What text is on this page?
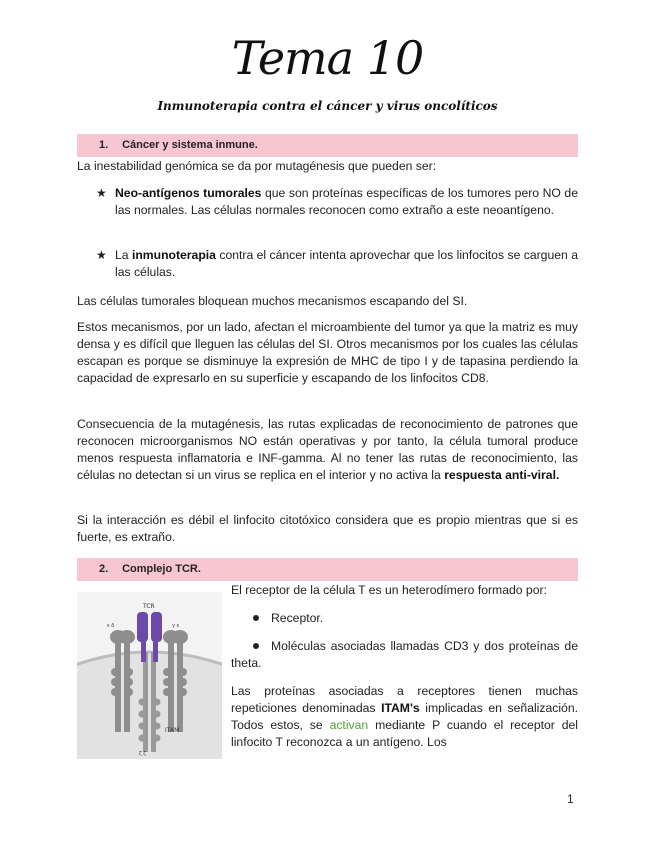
Tema 10
Inmunoterapia contra el cáncer y virus oncolíticos
1. Cáncer y sistema inmune.
La inestabilidad genómica se da por mutagénesis que pueden ser:
★ Neo-antígenos tumorales que son proteínas específicas de los tumores pero NO de las normales. Las células normales reconocen como extraño a este neoantígeno.
★ La inmunoterapia contra el cáncer intenta aprovechar que los linfocitos se carguen a las células.
Las células tumorales bloquean muchos mecanismos escapando del SI.
Estos mecanismos, por un lado, afectan el microambiente del tumor ya que la matriz es muy densa y es difícil que lleguen las células del SI. Otros mecanismos por los cuales las células escapan es porque se disminuye la expresión de MHC de tipo I y de tapasina perdiendo la capacidad de expresarlo en su superficie y escapando de los linfocitos CD8.
Consecuencia de la mutagénesis, las rutas explicadas de reconocimiento de patrones que reconocen microorganismos NO están operativas y por tanto, la célula tumoral produce menos respuesta inflamatoria e INF-gamma. Al no tener las rutas de reconocimiento, las células no detectan si un virus se replica en el interior y no activa la respuesta anti-viral.
Si la interacción es débil el linfocito citotóxico considera que es propio mientras que si es fuerte, es extraño.
2. Complejo TCR.
TCR
ε δ	γ ε
ITAM
ζ ζ
El receptor de la célula T es un heterodímero formado por:
Receptor.
Moléculas asociadas llamadas CD3 y dos proteínas de theta.
Las proteínas asociadas a receptores tienen muchas repeticiones denominadas ITAM's implicadas en señalización. Todos estos, se activan mediante P cuando el receptor del linfocito T reconozca a un antígeno. Los
1
